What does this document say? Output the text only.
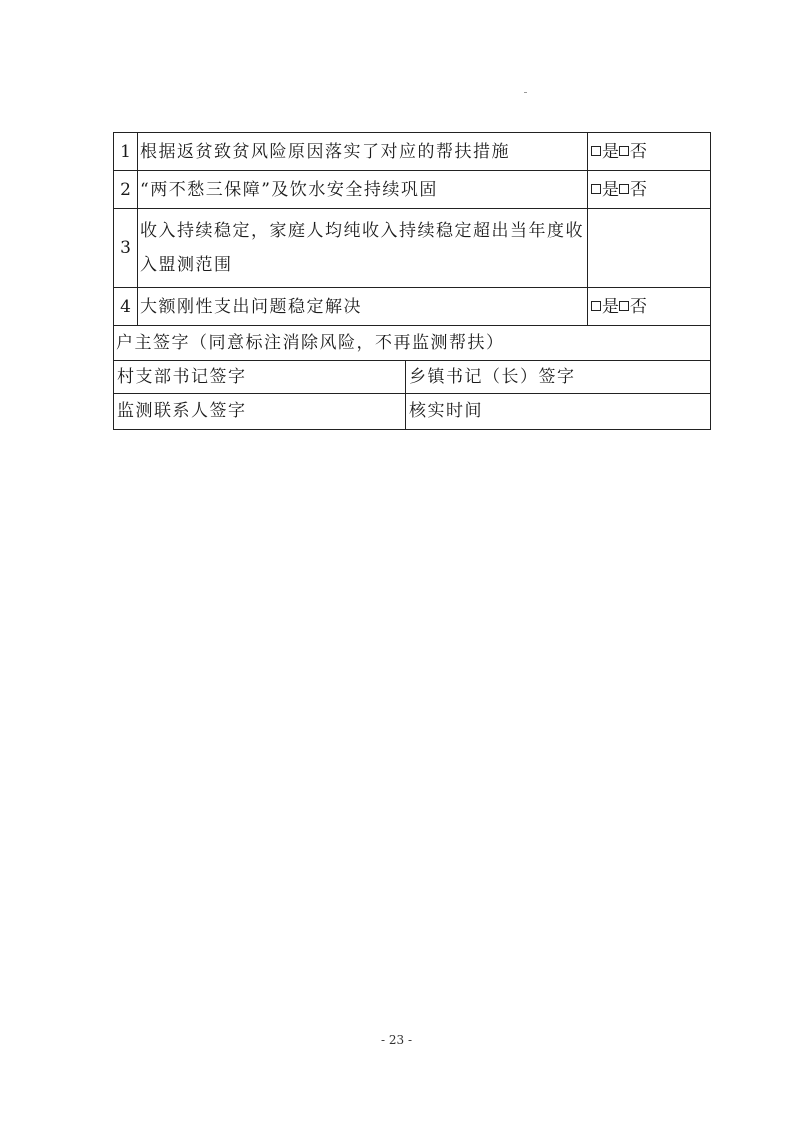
1	根据返贫致贫风险原因落实了对应的帮扶措施	是 否
2	“两不愁三保障”及饮水安全持续巩固	是 否
3	收入持续稳定，家庭人均纯收入持续稳定超出当年度收入盟测范围	
4	大额刚性支出问题稳定解决	是 否
户主签字（同意标注消除风险，不再监测帮扶）		

村支部书记签字 乡镇书记（长）签字		

监测联系人签字 核实时间		
- 23 -
